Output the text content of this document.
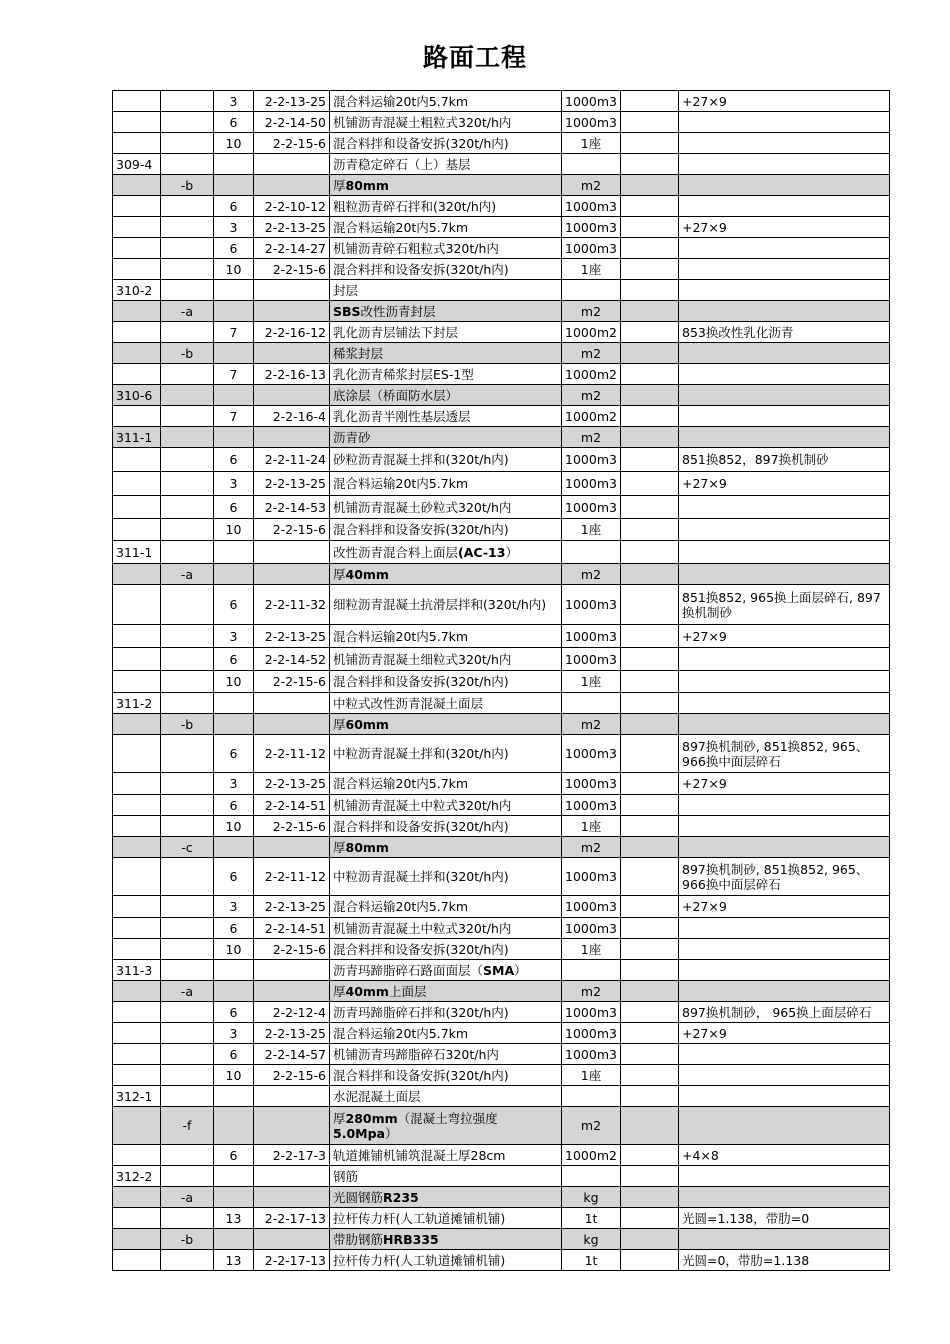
路面工程
		3	2-2-13-25	混合料运输20t内5.7km	1000m3		+27×9
		6	2-2-14-50	机铺沥青混凝土粗粒式320t/h内	1000m3		
		10	2-2-15-6	混合料拌和设备安拆(320t/h内)	1座		
309-4				沥青稳定碎石（上）基层			
	-b			厚80mm	m2		
		6	2-2-10-12	粗粒沥青碎石拌和(320t/h内)	1000m3		
		3	2-2-13-25	混合料运输20t内5.7km	1000m3		+27×9
		6	2-2-14-27	机铺沥青碎石粗粒式320t/h内	1000m3		
		10	2-2-15-6	混合料拌和设备安拆(320t/h内)	1座		
310-2				封层			
	-a			SBS改性沥青封层	m2		
		7	2-2-16-12	乳化沥青层铺法下封层	1000m2		853换改性乳化沥青
	-b			稀浆封层	m2		
		7	2-2-16-13	乳化沥青稀浆封层ES-1型	1000m2		
310-6				底涂层（桥面防水层）	m2		
		7	2-2-16-4	乳化沥青半刚性基层透层	1000m2		
311-1				沥青砂	m2		
		6	2-2-11-24	砂粒沥青混凝土拌和(320t/h内)	1000m3		851换852，897换机制砂
		3	2-2-13-25	混合料运输20t内5.7km	1000m3		+27×9
		6	2-2-14-53	机铺沥青混凝土砂粒式320t/h内	1000m3		
		10	2-2-15-6	混合料拌和设备安拆(320t/h内)	1座		
311-1				改性沥青混合料上面层(AC-13）			
	-a			厚40mm	m2		
		6	2-2-11-32	细粒沥青混凝土抗滑层拌和(320t/h内)	1000m3		851换852, 965换上面层碎石, 897换机制砂
		3	2-2-13-25	混合料运输20t内5.7km	1000m3		+27×9
		6	2-2-14-52	机铺沥青混凝土细粒式320t/h内	1000m3		
		10	2-2-15-6	混合料拌和设备安拆(320t/h内)	1座		
311-2				中粒式改性沥青混凝土面层			
	-b			厚60mm	m2		
		6	2-2-11-12	中粒沥青混凝土拌和(320t/h内)	1000m3		897换机制砂, 851换852, 965、966换中面层碎石
		3	2-2-13-25	混合料运输20t内5.7km	1000m3		+27×9
		6	2-2-14-51	机铺沥青混凝土中粒式320t/h内	1000m3		
		10	2-2-15-6	混合料拌和设备安拆(320t/h内)	1座		
	-c			厚80mm	m2		
		6	2-2-11-12	中粒沥青混凝土拌和(320t/h内)	1000m3		897换机制砂, 851换852, 965、966换中面层碎石
		3	2-2-13-25	混合料运输20t内5.7km	1000m3		+27×9
		6	2-2-14-51	机铺沥青混凝土中粒式320t/h内	1000m3		
		10	2-2-15-6	混合料拌和设备安拆(320t/h内)	1座		
311-3				沥青玛蹄脂碎石路面面层（SMA）			
	-a			厚40mm上面层	m2		
		6	2-2-12-4	沥青玛蹄脂碎石拌和(320t/h内)	1000m3		897换机制砂， 965换上面层碎石
		3	2-2-13-25	混合料运输20t内5.7km	1000m3		+27×9
		6	2-2-14-57	机铺沥青玛蹄脂碎石320t/h内	1000m3		
		10	2-2-15-6	混合料拌和设备安拆(320t/h内)	1座		
312-1				水泥混凝土面层			
	-f			厚280mm（混凝土弯拉强度5.0Mpa）	m2		
		6	2-2-17-3	轨道摊铺机铺筑混凝土厚28cm	1000m2		+4×8
312-2				钢筋			
	-a			光圆钢筋R235	kg		
		13	2-2-17-13	拉杆传力杆(人工轨道摊铺机铺)	1t		光圆=1.138，带肋=0
	-b			带肋钢筋HRB335	kg		
		13	2-2-17-13	拉杆传力杆(人工轨道摊铺机铺)	1t		光圆=0，带肋=1.138
